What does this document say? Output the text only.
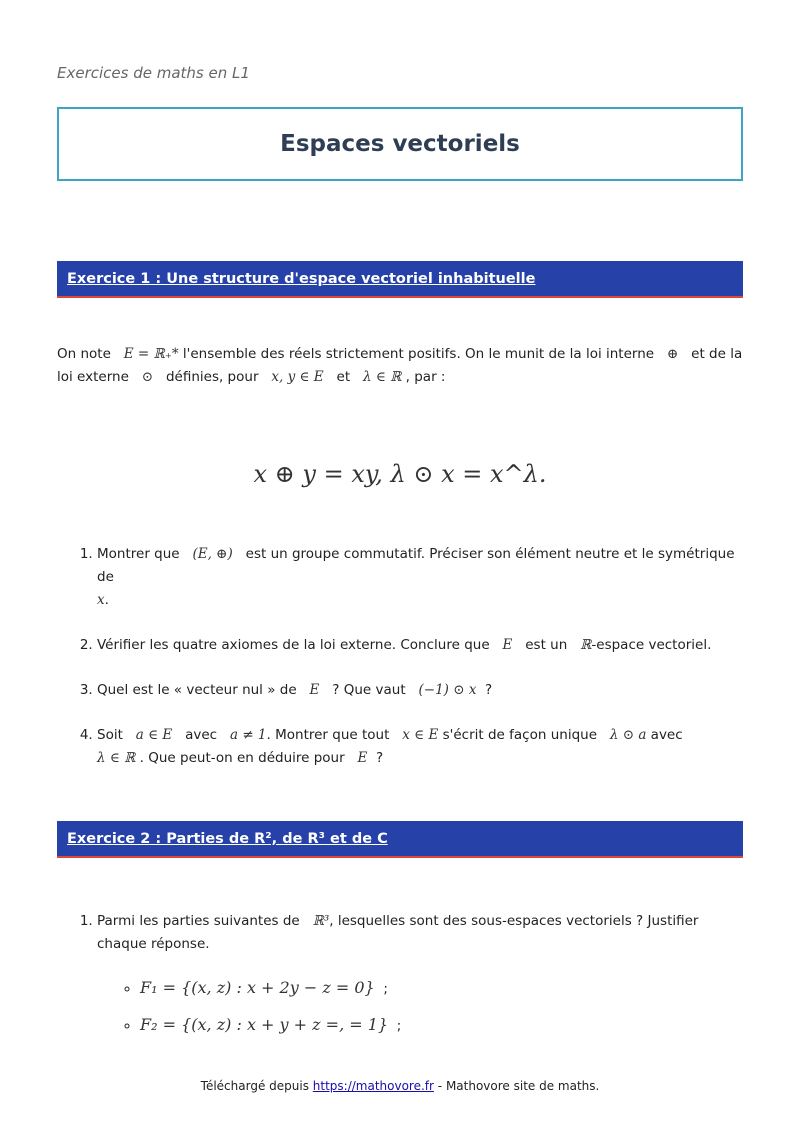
Exercices de maths en L1
Espaces vectoriels
Exercice 1 : Une structure d'espace vectoriel inhabituelle
On note E = ℝ₊* l'ensemble des réels strictement positifs. On le munit de la loi interne ⊕ et de la loi externe ⊙ définies, pour x, y ∈ E et λ ∈ ℝ , par :
x ⊕ y = xy, λ ⊙ x = x^λ.
1. Montrer que (E, ⊕) est un groupe commutatif. Préciser son élément neutre et le symétrique de
x.
2. Vérifier les quatre axiomes de la loi externe. Conclure que E est un ℝ-espace vectoriel.
3. Quel est le « vecteur nul » de E ? Que vaut (−1) ⊙ x ?
4. Soit a ∈ E avec a ≠ 1. Montrer que tout x ∈ E s'écrit de façon unique λ ⊙ a avec
λ ∈ ℝ . Que peut-on en déduire pour E ?
Exercice 2 : Parties de R², de R³ et de C
1. Parmi les parties suivantes de ℝ³, lesquelles sont des sous-espaces vectoriels ? Justifier chaque réponse.
◦ F₁ = {(x, z) : x + 2y − z = 0} ;
◦ F₂ = {(x, z) : x + y + z =, = 1} ;
Téléchargé depuis https://mathovore.fr - Mathovore site de maths.
